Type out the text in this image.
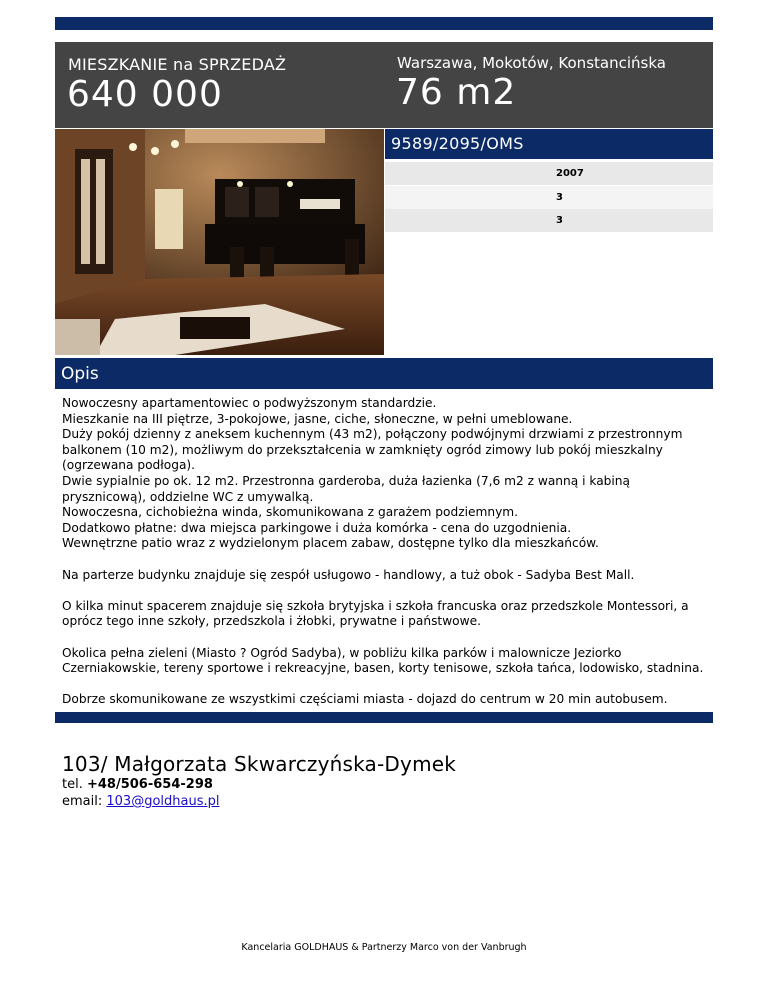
MIESZKANIE na SPRZEDAŻ
640 000
Warszawa, Mokotów, Konstancińska
76 m2
9589/2095/OMS
2007
3
3
Opis

Nowoczesny apartamentowiec o podwyższonym standardzie.
Mieszkanie na III piętrze, 3-pokojowe, jasne, ciche, słoneczne, w pełni umeblowane.
Duży pokój dzienny z aneksem kuchennym (43 m2), połączony podwójnymi drzwiami z przestronnym balkonem (10 m2), możliwym do przekształcenia w zamknięty ogród zimowy lub pokój mieszkalny (ogrzewana podłoga).
Dwie sypialnie po ok. 12 m2. Przestronna garderoba, duża łazienka (7,6 m2 z wanną i kabiną prysznicową), oddzielne WC z umywalką.
Nowoczesna, cichobieżna winda, skomunikowana z garażem podziemnym.
Dodatkowo płatne: dwa miejsca parkingowe i duża komórka - cena do uzgodnienia.
Wewnętrzne patio wraz z wydzielonym placem zabaw, dostępne tylko dla mieszkańców.

Na parterze budynku znajduje się zespół usługowo - handlowy, a tuż obok - Sadyba Best Mall.

O kilka minut spacerem znajduje się szkoła brytyjska i szkoła francuska oraz przedszkole Montessori, a oprócz tego inne szkoły, przedszkola i żłobki, prywatne i państwowe.

Okolica pełna zieleni (Miasto ? Ogród Sadyba), w pobliżu kilka parków i malownicze Jeziorko Czerniakowskie, tereny sportowe i rekreacyjne, basen, korty tenisowe, szkoła tańca, lodowisko, stadnina.

Dobrze skomunikowane ze wszystkimi częściami miasta - dojazd do centrum w 20 min autobusem.

103/ Małgorzata Skwarczyńska-Dymek

tel. +48/506-654-298

email: 103@goldhaus.pl

Kancelaria GOLDHAUS & Partnerzy Marco von der Vanbrugh
